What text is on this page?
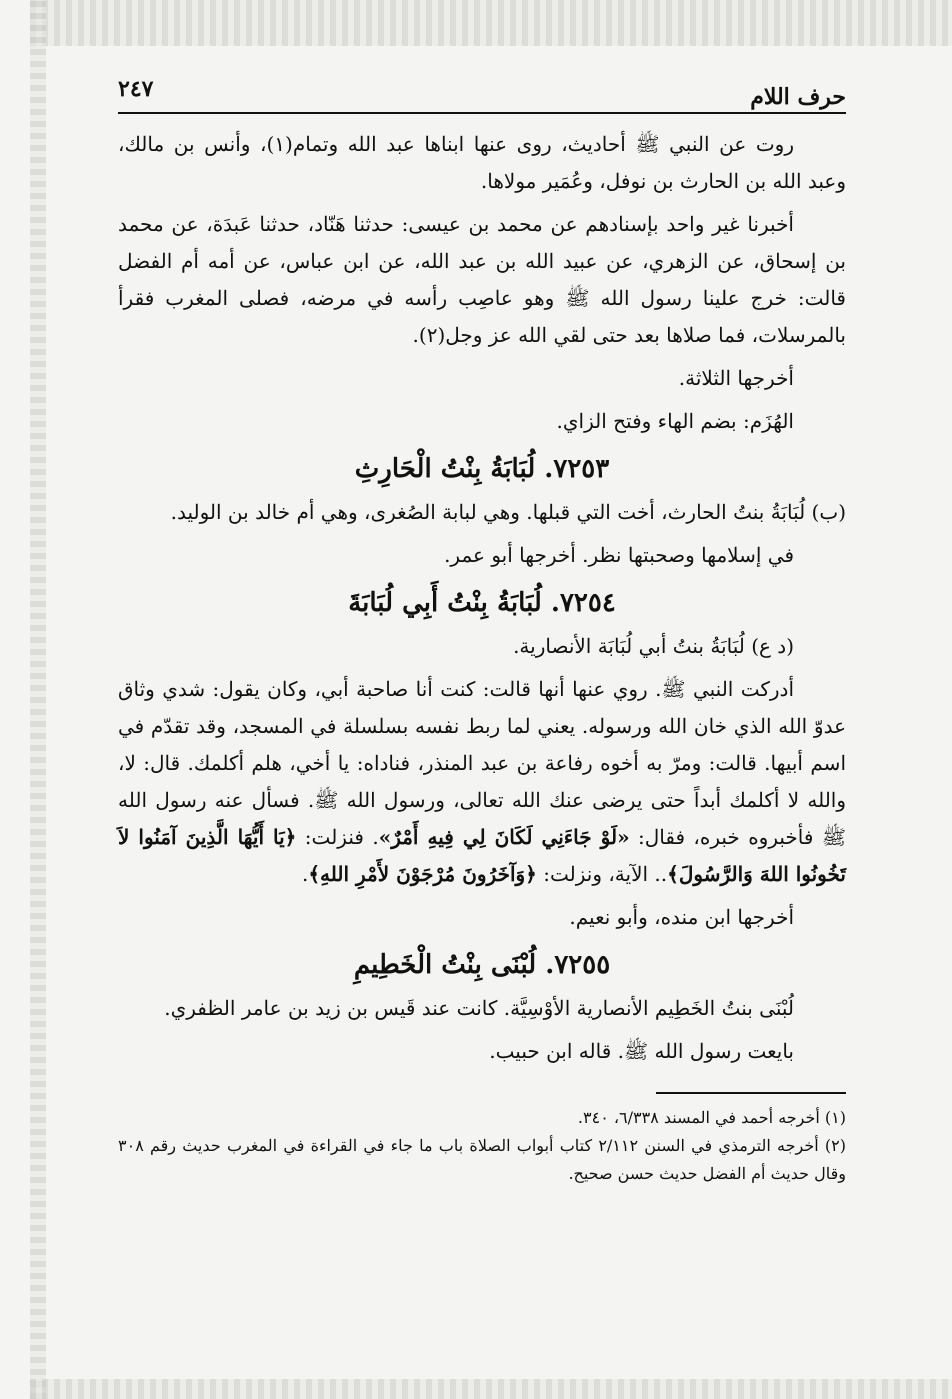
حرف اللام
٢٤٧

روت عن النبي ﷺ أحاديث، روى عنها ابناها عبد الله وتمام(١)، وأنس بن مالك، وعبد الله بن الحارث بن نوفل، وعُمَير مولاها.

أخبرنا غير واحد بإسنادهم عن محمد بن عيسى: حدثنا هَنّاد، حدثنا عَبدَة، عن محمد بن إسحاق، عن الزهري، عن عبيد الله بن عبد الله، عن ابن عباس، عن أمه أم الفضل قالت: خرج علينا رسول الله ﷺ وهو عاصِب رأسه في مرضه، فصلى المغرب فقرأ بالمرسلات، فما صلاها بعد حتى لقي الله عز وجل(٢).

أخرجها الثلاثة.

الهُزَم: بضم الهاء وفتح الزاي.

٧٢٥٣. لُبَابَةُ بِنْتُ الْحَارِثِ

(ب) لُبَابَةُ بنتُ الحارث، أخت التي قبلها. وهي لبابة الصُغرى، وهي أم خالد بن الوليد.

في إسلامها وصحبتها نظر. أخرجها أبو عمر.

٧٢٥٤. لُبَابَةُ بِنْتُ أَبِي لُبَابَةَ

(د ع) لُبَابَةُ بنتُ أبي لُبَابَة الأنصارية.

أدركت النبي ﷺ. روي عنها أنها قالت: كنت أنا صاحبة أبي، وكان يقول: شدي وثاق عدوّ الله الذي خان الله ورسوله. يعني لما ربط نفسه بسلسلة في المسجد، وقد تقدّم في اسم أبيها. قالت: ومرّ به أخوه رفاعة بن عبد المنذر، فناداه: يا أخي، هلم أكلمك. قال: لا، والله لا أكلمك أبداً حتى يرضى عنك الله تعالى، ورسول الله ﷺ. فسأل عنه رسول الله ﷺ فأخبروه خبره، فقال: «لَوْ جَاءَنِي لَكَانَ لِي فِيهِ أَمْرٌ». فنزلت: ﴿يَا أَيُّهَا الَّذِينَ آمَنُوا لاَ تَخُونُوا اللهَ وَالرَّسُولَ﴾.. الآية، ونزلت: ﴿وَآخَرُونَ مُرْجَوْنَ لأَمْرِ اللهِ﴾.

أخرجها ابن منده، وأبو نعيم.

٧٢٥٥. لُبْنَى بِنْتُ الْخَطِيمِ

لُبْنَى بنتُ الخَطِيم الأنصارية الأوْسِيَّة. كانت عند قَيس بن زيد بن عامر الظفري.

بايعت رسول الله ﷺ. قاله ابن حبيب.

(١) أخرجه أحمد في المسند ٦/٣٣٨، ٣٤٠.

(٢) أخرجه الترمذي في السنن ٢/١١٢ كتاب أبواب الصلاة باب ما جاء في القراءة في المغرب حديث رقم ٣٠٨ وقال حديث أم الفضل حديث حسن صحيح.
